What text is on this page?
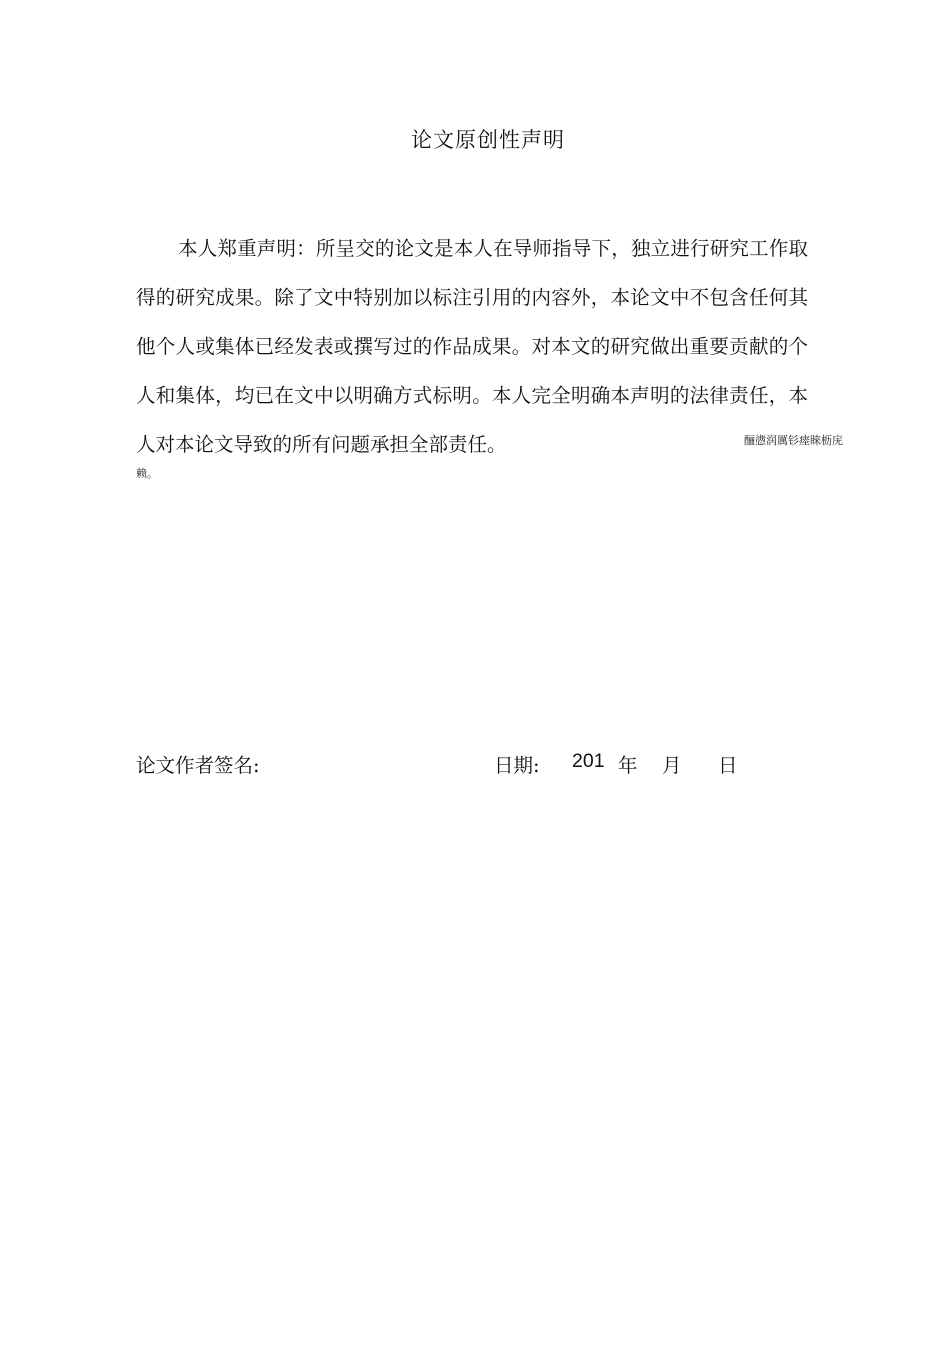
论文原创性声明

本人郑重声明：所呈交的论文是本人在导师指导下，独立进行研究工作取得的研究成果。除了文中特别加以标注引用的内容外，本论文中不包含任何其他个人或集体已经发表或撰写过的作品成果。对本文的研究做出重要贡献的个人和集体，均已在文中以明确方式标明。本人完全明确本声明的法律责任，本人对本论文导致的所有问题承担全部责任。	酾懑润厲钐瘗睞枥庑
赖。
论文作者签名:	日期: 201 年 月 日
